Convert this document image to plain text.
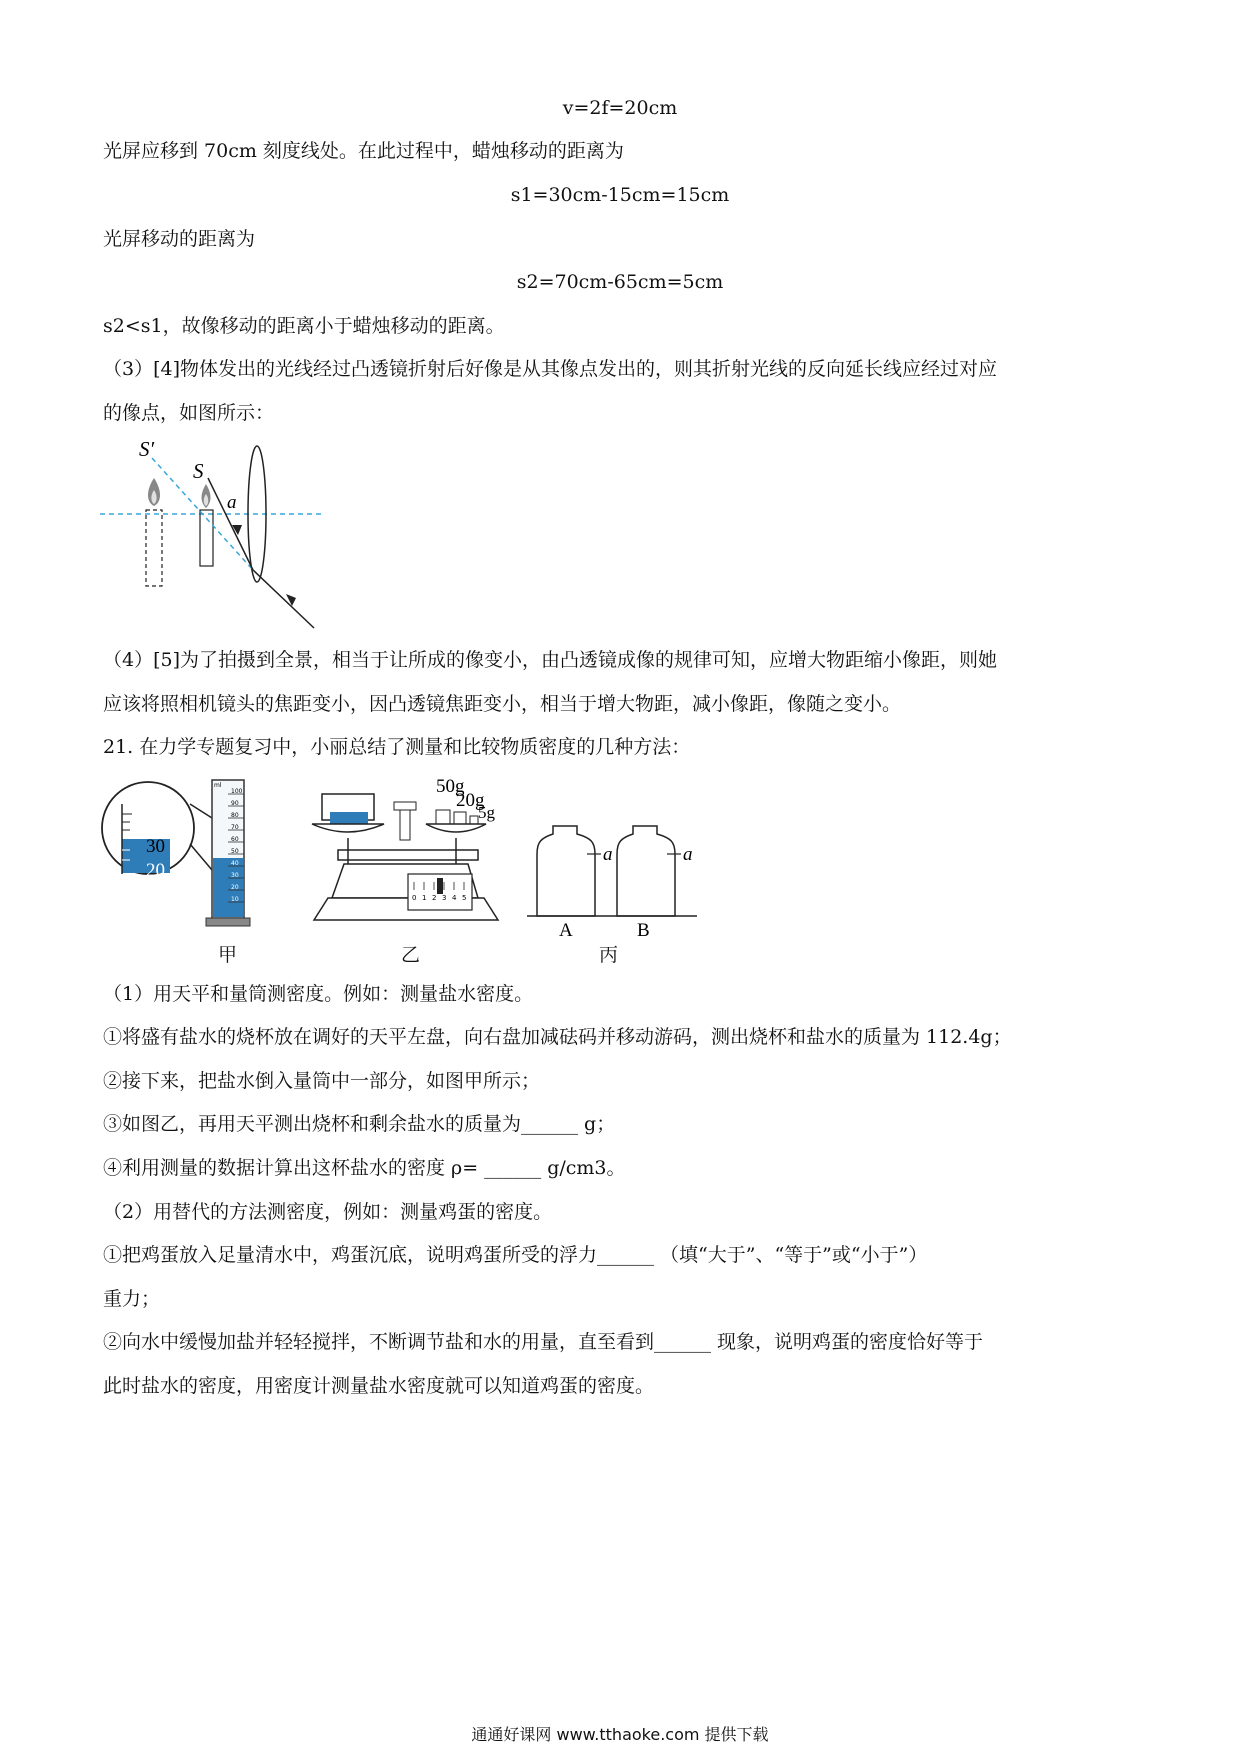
v=2f=20cm
光屏应移到 70cm 刻度线处。在此过程中，蜡烛移动的距离为
s1=30cm-15cm=15cm
光屏移动的距离为
s2=70cm-65cm=5cm
s2<s1，故像移动的距离小于蜡烛移动的距离。
（3）[4]物体发出的光线经过凸透镜折射后好像是从其像点发出的，则其折射光线的反向延长线应经过对应
的像点，如图所示：
S′
S
a
（4）[5]为了拍摄到全景，相当于让所成的像变小，由凸透镜成像的规律可知，应增大物距缩小像距，则她
应该将照相机镜头的焦距变小，因凸透镜焦距变小，相当于增大物距，减小像距，像随之变小。
21. 在力学专题复习中，小丽总结了测量和比较物质密度的几种方法：
30
20
ml
100
90
80
70
60
50
40
30
20
10
甲
50g
20g
5g
0 1 2 3 4 5
乙
a	a
A	B
丙
（1）用天平和量筒测密度。例如：测量盐水密度。
①将盛有盐水的烧杯放在调好的天平左盘，向右盘加减砝码并移动游码，测出烧杯和盐水的质量为 112.4g；
②接下来，把盐水倒入量筒中一部分，如图甲所示；
③如图乙，再用天平测出烧杯和剩余盐水的质量为______ g；
④利用测量的数据计算出这杯盐水的密度 ρ= ______ g/cm3。
（2）用替代的方法测密度，例如：测量鸡蛋的密度。
①把鸡蛋放入足量清水中，鸡蛋沉底，说明鸡蛋所受的浮力______ （填“大于”、“等于”或“小于”）
重力；
②向水中缓慢加盐并轻轻搅拌，不断调节盐和水的用量，直至看到______ 现象，说明鸡蛋的密度恰好等于
此时盐水的密度，用密度计测量盐水密度就可以知道鸡蛋的密度。
通通好课网 www.tthaoke.com 提供下载
